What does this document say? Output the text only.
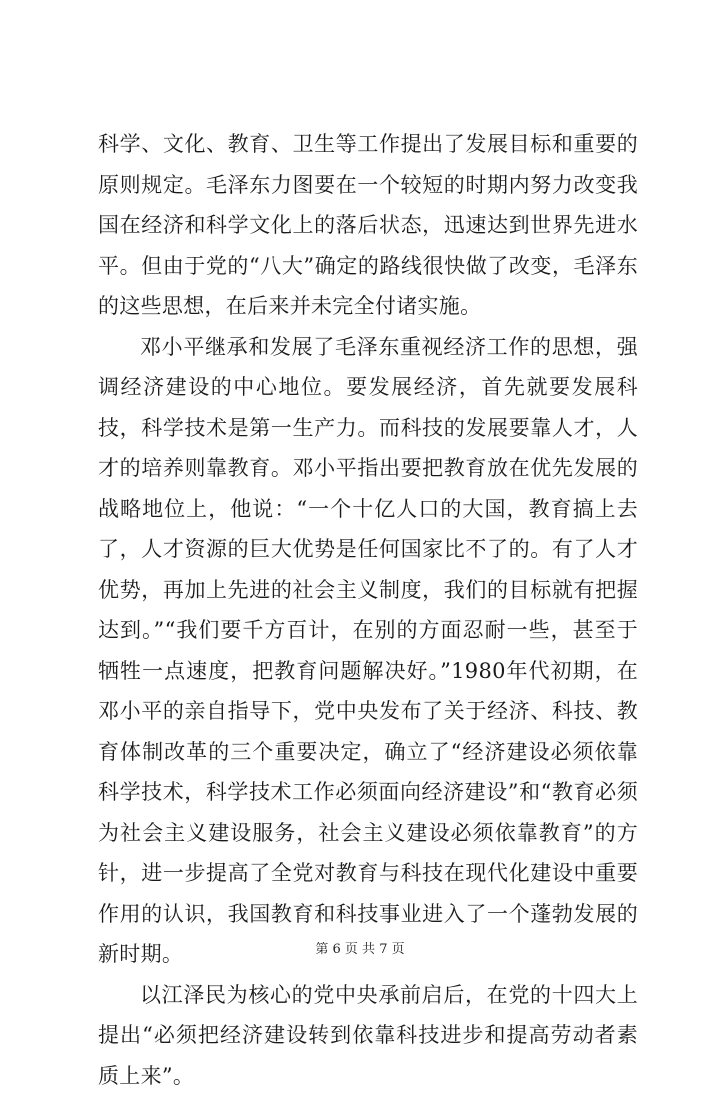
科学、文化、教育、卫生等工作提出了发展目标和重要的原则规定。毛泽东力图要在一个较短的时期内努力改变我国在经济和科学文化上的落后状态，迅速达到世界先进水平。但由于党的“八大”确定的路线很快做了改变，毛泽东的这些思想，在后来并未完全付诸实施。

邓小平继承和发展了毛泽东重视经济工作的思想，强调经济建设的中心地位。要发展经济，首先就要发展科技，科学技术是第一生产力。而科技的发展要靠人才，人才的培养则靠教育。邓小平指出要把教育放在优先发展的战略地位上，他说：“一个十亿人口的大国，教育搞上去了，人才资源的巨大优势是任何国家比不了的。有了人才优势，再加上先进的社会主义制度，我们的目标就有把握达到。”“我们要千方百计，在别的方面忍耐一些，甚至于牺牲一点速度，把教育问题解决好。”1980年代初期，在邓小平的亲自指导下，党中央发布了关于经济、科技、教育体制改革的三个重要决定，确立了“经济建设必须依靠科学技术，科学技术工作必须面向经济建设”和“教育必须为社会主义建设服务，社会主义建设必须依靠教育”的方针，进一步提高了全党对教育与科技在现代化建设中重要作用的认识，我国教育和科技事业进入了一个蓬勃发展的新时期。

以江泽民为核心的党中央承前启后，在党的十四大上提出“必须把经济建设转到依靠科技进步和提高劳动者素质上来”。

第 6 页 共 7 页
